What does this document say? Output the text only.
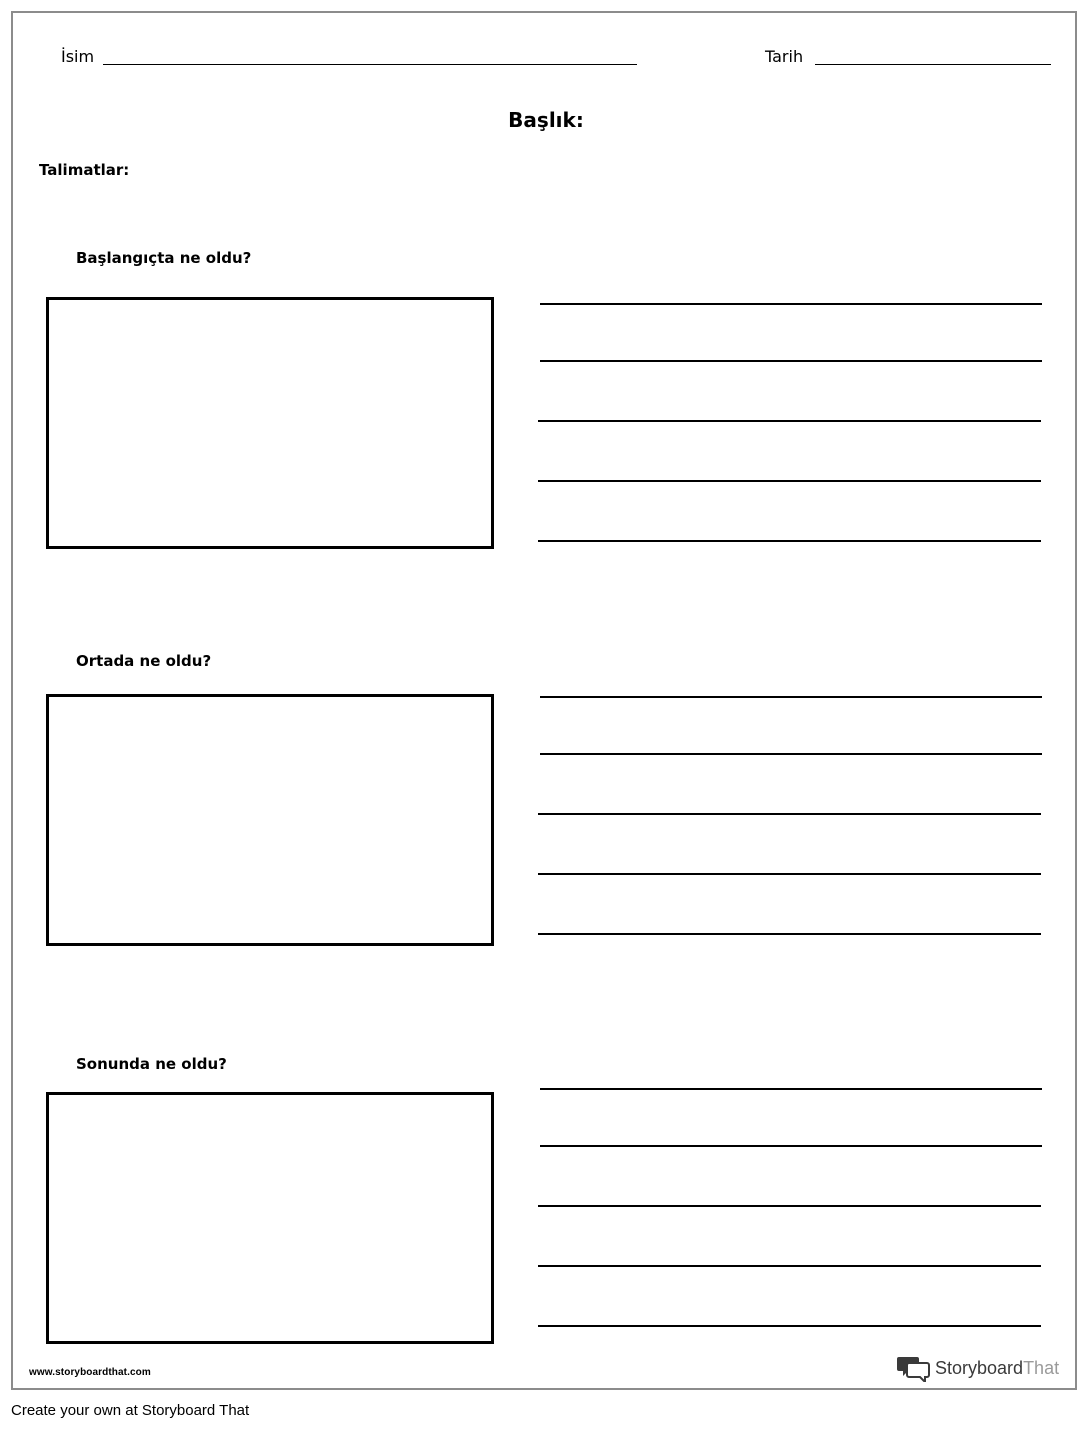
İsim	Tarih
Başlık:
Talimatlar:
Başlangıçta ne oldu?
Ortada ne oldu?
Sonunda ne oldu?
www.storyboardthat.com	StoryboardThat
Create your own at Storyboard That
